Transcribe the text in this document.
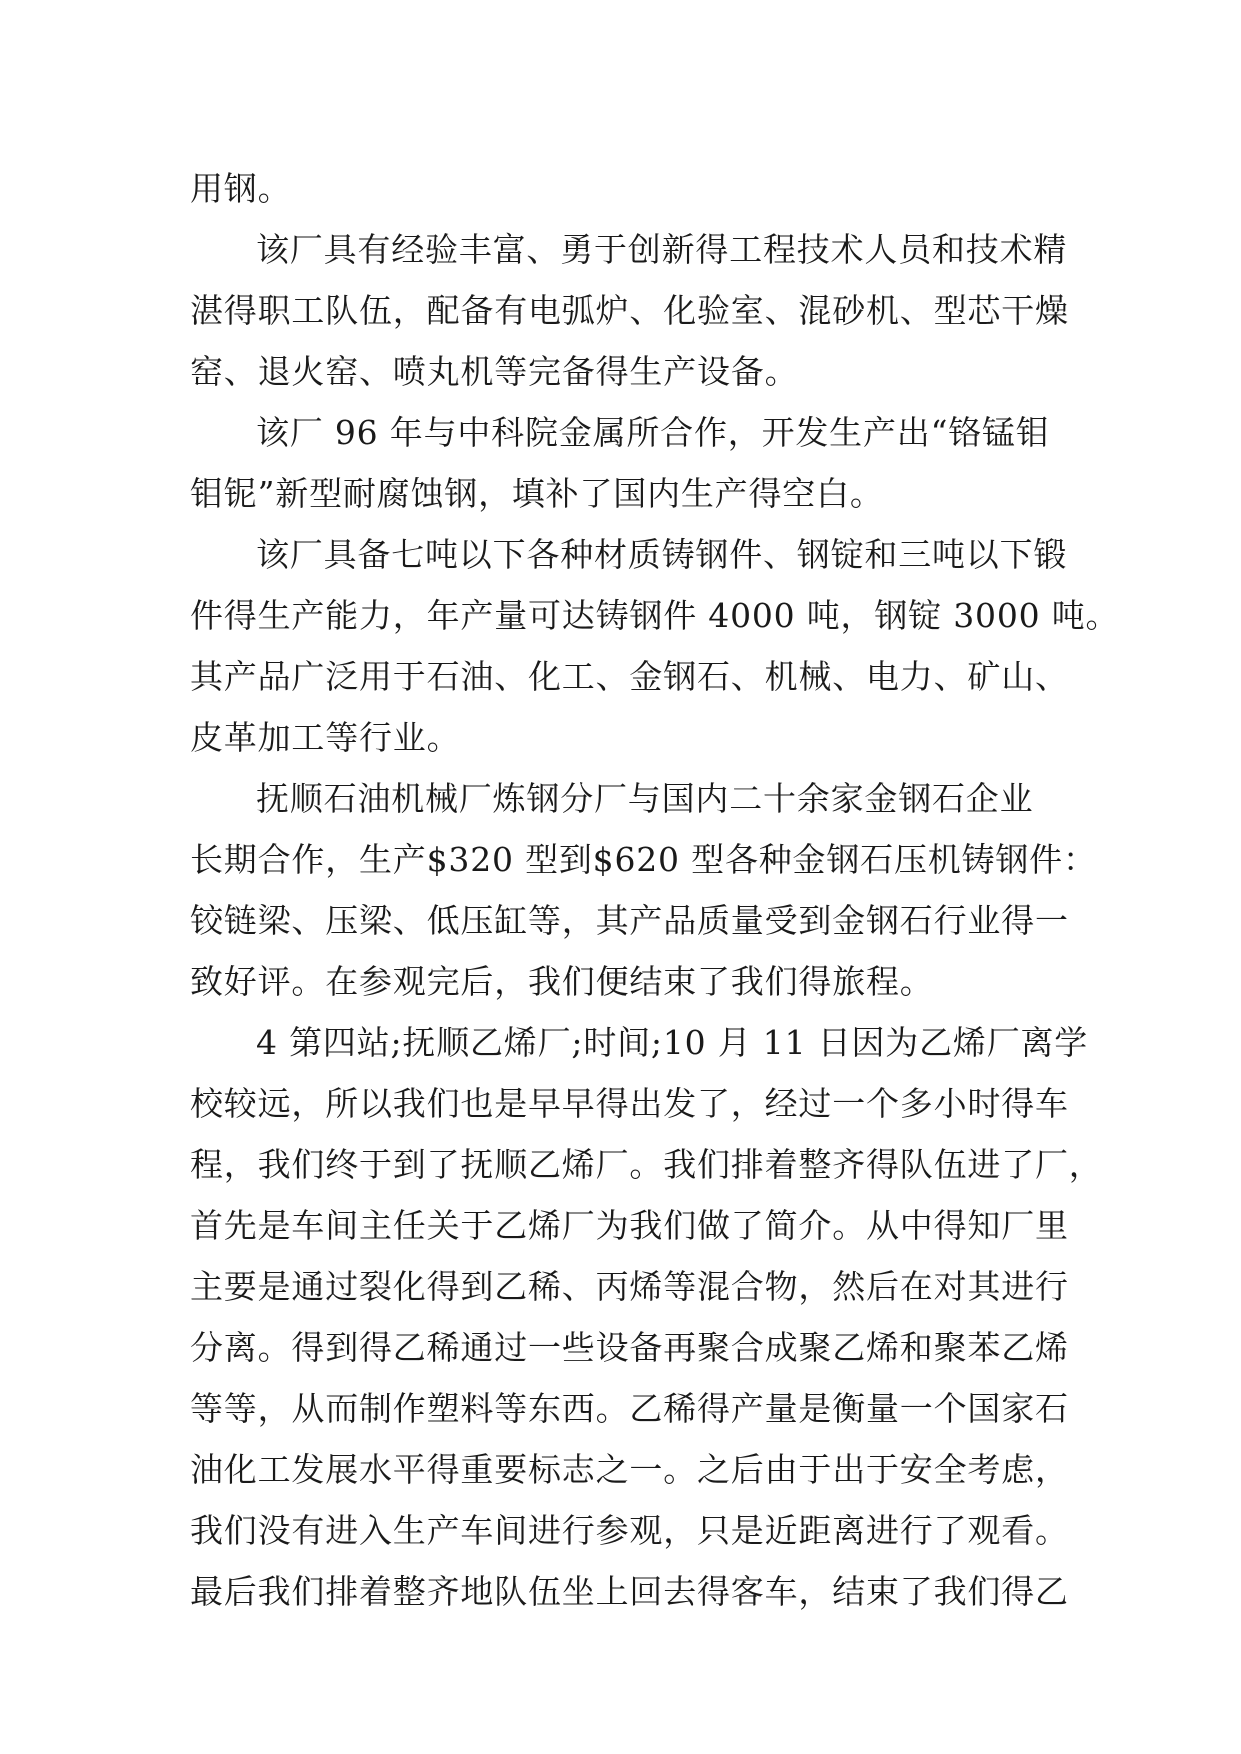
用钢。

该厂具有经验丰富、勇于创新得工程技术人员和技术精

湛得职工队伍，配备有电弧炉、化验室、混砂机、型芯干燥

窑、退火窑、喷丸机等完备得生产设备。

该厂 96 年与中科院金属所合作，开发生产出“铬锰钼

钼铌”新型耐腐蚀钢，填补了国内生产得空白。

该厂具备七吨以下各种材质铸钢件、钢锭和三吨以下锻

件得生产能力，年产量可达铸钢件 4000 吨，钢锭 3000 吨。

其产品广泛用于石油、化工、金钢石、机械、电力、矿山、

皮革加工等行业。

抚顺石油机械厂炼钢分厂与国内二十余家金钢石企业

长期合作，生产$320 型到$620 型各种金钢石压机铸钢件：

铰链梁、压梁、低压缸等，其产品质量受到金钢石行业得一

致好评。在参观完后，我们便结束了我们得旅程。

4 第四站;抚顺乙烯厂;时间;10 月 11 日因为乙烯厂离学

校较远，所以我们也是早早得出发了，经过一个多小时得车

程，我们终于到了抚顺乙烯厂。我们排着整齐得队伍进了厂，

首先是车间主任关于乙烯厂为我们做了简介。从中得知厂里

主要是通过裂化得到乙稀、丙烯等混合物，然后在对其进行

分离。得到得乙稀通过一些设备再聚合成聚乙烯和聚苯乙烯

等等，从而制作塑料等东西。乙稀得产量是衡量一个国家石

油化工发展水平得重要标志之一。之后由于出于安全考虑，

我们没有进入生产车间进行参观，只是近距离进行了观看。

最后我们排着整齐地队伍坐上回去得客车，结束了我们得乙
